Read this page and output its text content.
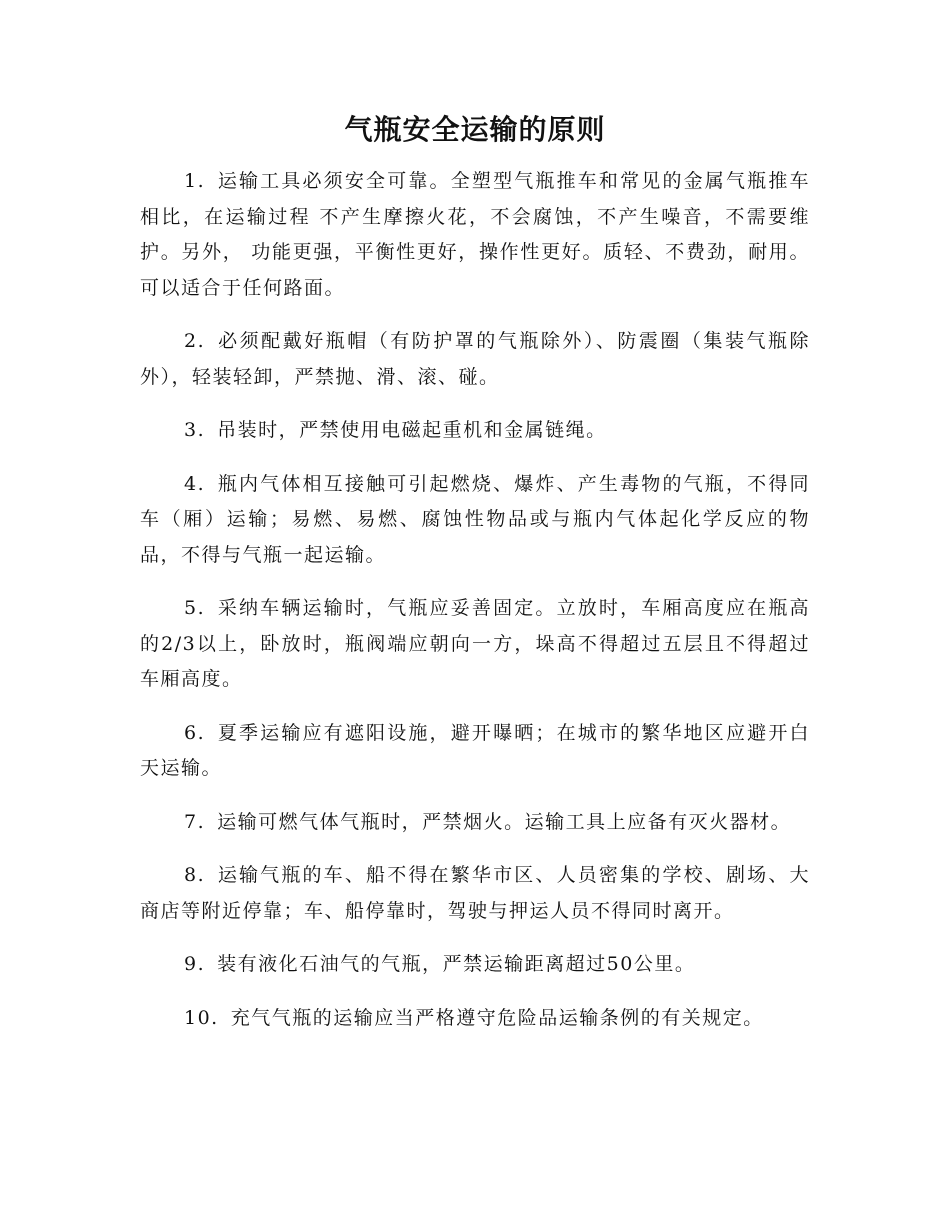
气瓶安全运输的原则

1. 运输工具必须安全可靠。全塑型气瓶推车和常见的金属气瓶推车相比，在运输过程 不产生摩擦火花，不会腐蚀，不产生噪音，不需要维护。另外， 功能更强，平衡性更好，操作性更好。质轻、不费劲，耐用。可以适合于任何路面。

2. 必须配戴好瓶帽（有防护罩的气瓶除外）、防震圈（集装气瓶除外），轻装轻卸，严禁抛、滑、滚、碰。

3. 吊装时，严禁使用电磁起重机和金属链绳。

4. 瓶内气体相互接触可引起燃烧、爆炸、产生毒物的气瓶，不得同车（厢）运输；易燃、易燃、腐蚀性物品或与瓶内气体起化学反应的物品，不得与气瓶一起运输。

5. 采纳车辆运输时，气瓶应妥善固定。立放时，车厢高度应在瓶高的2/3以上，卧放时，瓶阀端应朝向一方，垛高不得超过五层且不得超过车厢高度。

6. 夏季运输应有遮阳设施，避开曝晒；在城市的繁华地区应避开白天运输。

7. 运输可燃气体气瓶时，严禁烟火。运输工具上应备有灭火器材。

8. 运输气瓶的车、船不得在繁华市区、人员密集的学校、剧场、大商店等附近停靠；车、船停靠时，驾驶与押运人员不得同时离开。

9. 装有液化石油气的气瓶，严禁运输距离超过50公里。

10. 充气气瓶的运输应当严格遵守危险品运输条例的有关规定。
